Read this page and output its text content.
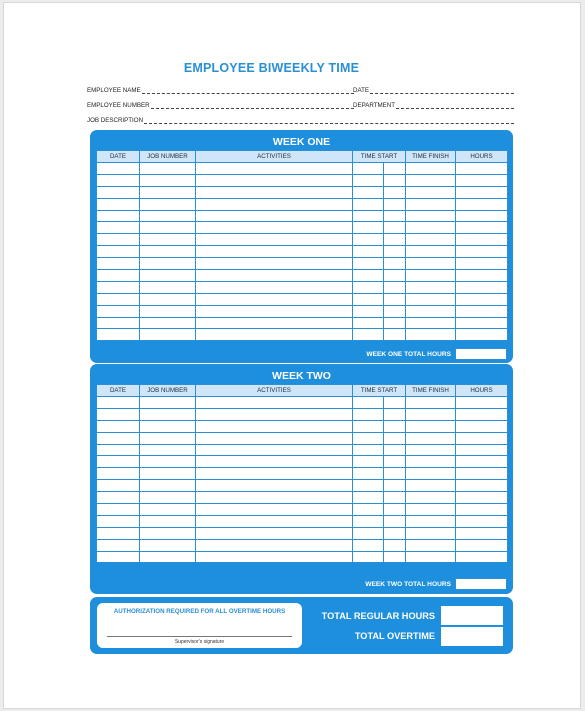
EMPLOYEE BIWEEKLY TIME
EMPLOYEE NAME	DATE
EMPLOYEE NUMBER	DEPARTMENT
JOB DESCRIPTION
WEEK ONE
DATE	JOB NUMBER	ACTIVITIES	TIME START		TIME FINISH	HOURS

WEEK ONE TOTAL HOURS
WEEK TWO
DATE	JOB NUMBER	ACTIVITIES	TIME START		TIME FINISH	HOURS

WEEK TWO TOTAL HOURS
AUTHORIZATION REQUIRED FOR ALL OVERTIME HOURS
Supervisor's signature
TOTAL REGULAR HOURS
TOTAL OVERTIME
